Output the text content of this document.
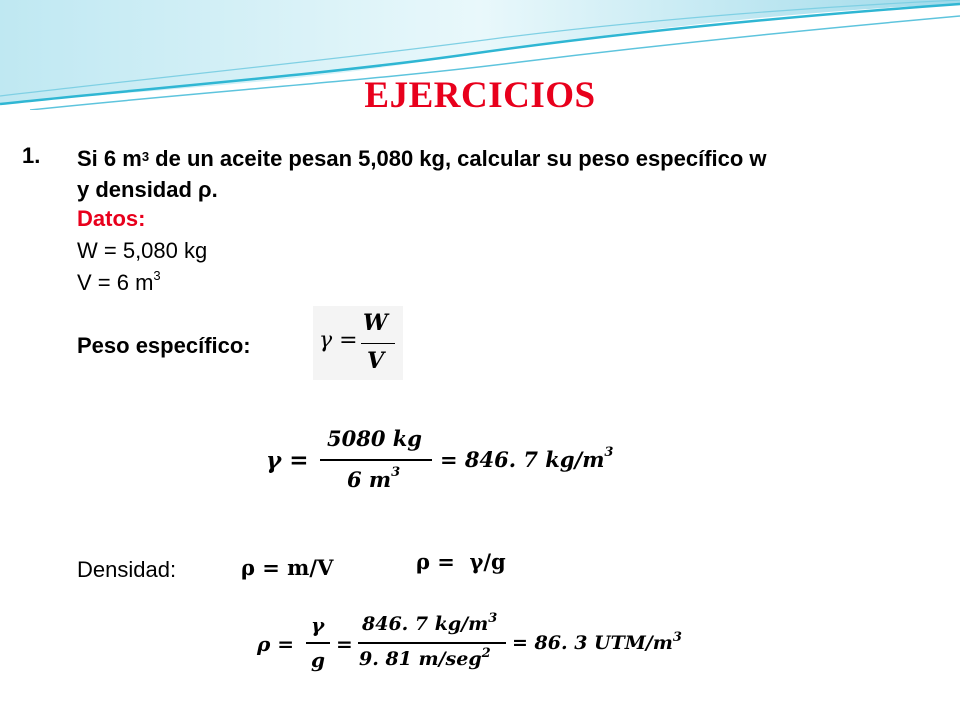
EJERCICIOS
1. Si 6 $m^3$ de un aceite pesan 5,080 kg, calcular su peso específico w
y densidad ρ.
Datos:
W = 5,080 kg
V = 6 $m^3$
Peso específico:	γ =
W
V
γ =
5080 kg
6 $m^3$
= 846. 7 $kg/m^3$
Densidad:	ρ = m/V	ρ =  γ/g
ρ =
γ
g
=
846. 7 $kg/m^3$
9. 81 m/seg$^2$ = 86. 3 UTM/$m^3$
